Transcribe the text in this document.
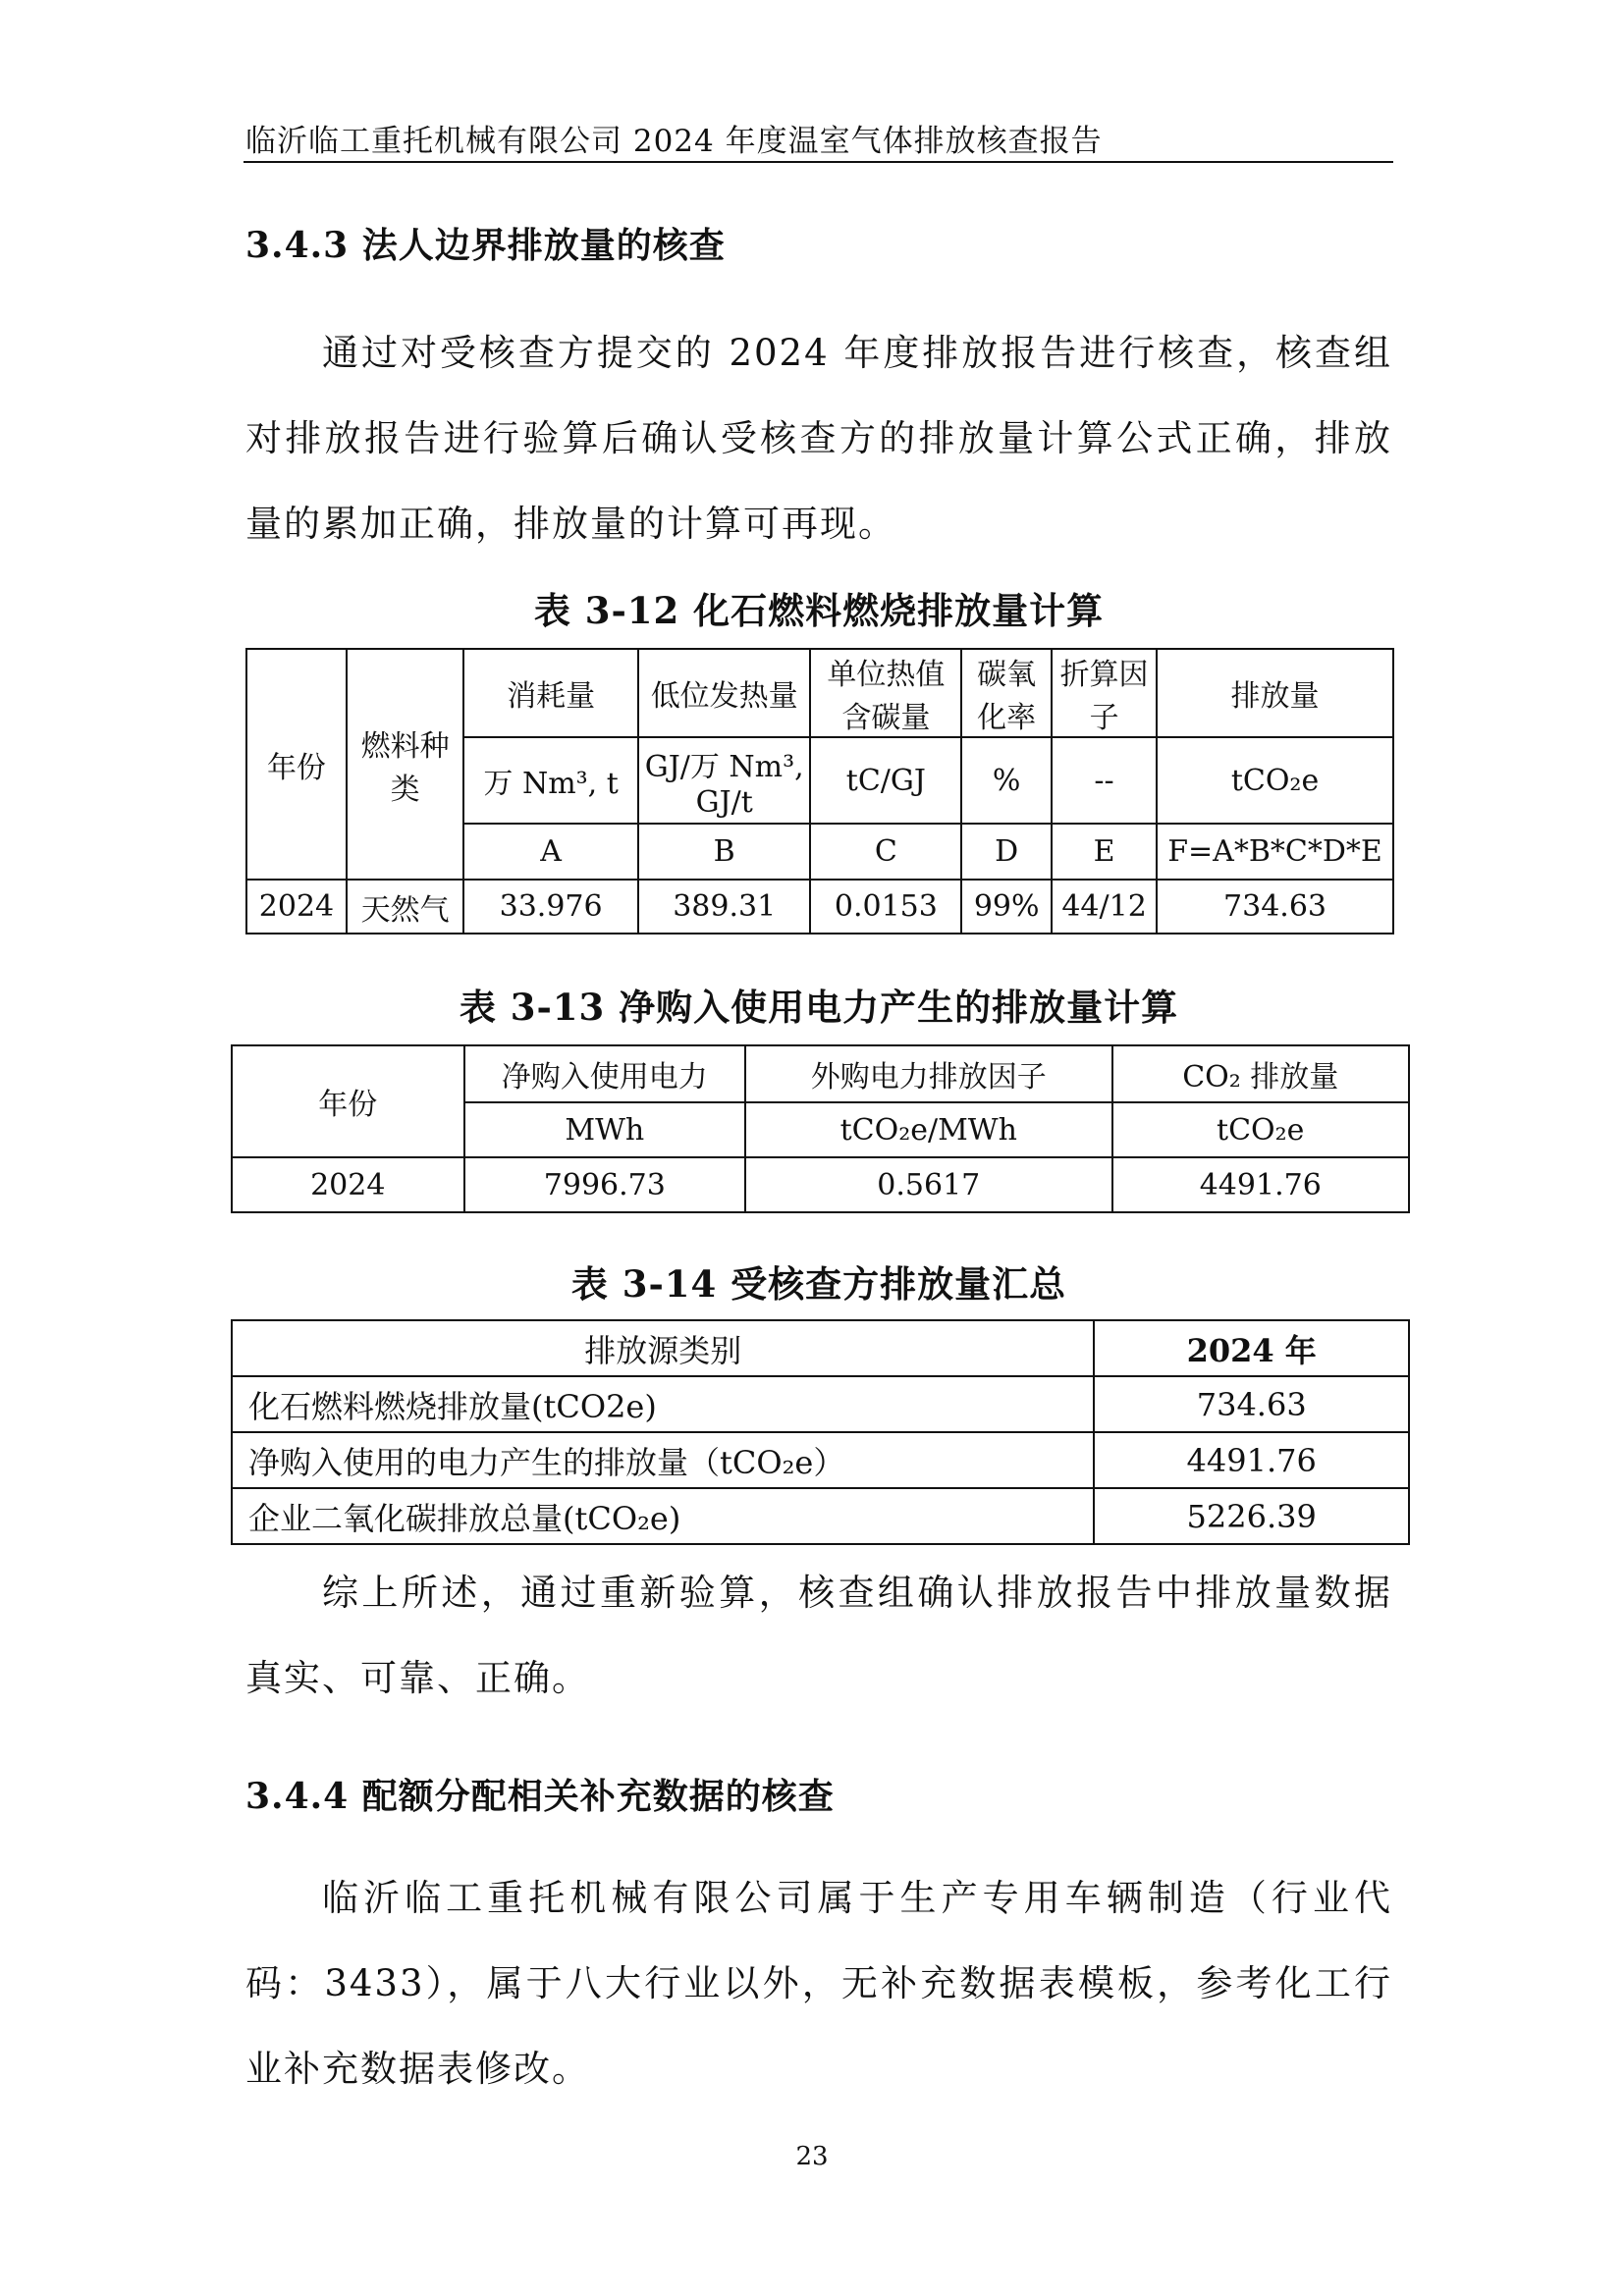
临沂临工重托机械有限公司 2024 年度温室气体排放核查报告
3.4.3 法人边界排放量的核查

通过对受核查方提交的 2024 年度排放报告进行核查，核查组对排放报告进行验算后确认受核查方的排放量计算公式正确，排放量的累加正确，排放量的计算可再现。

表 3-12 化石燃料燃烧排放量计算
年份	燃料种类	消耗量	低位发热量	单位热值含碳量	碳氧化率	折算因子	排放量
		万 Nm³, t	GJ/万 Nm³, GJ/t	tC/GJ	%	--	tCO₂e
		A	B	C	D	E	F=A*B*C*D*E
2024	天然气	33.976	389.31	0.0153	99%	44/12	734.63
表 3-13 净购入使用电力产生的排放量计算
年份	净购入使用电力	外购电力排放因子	CO₂ 排放量
	MWh	tCO₂e/MWh	tCO₂e
2024	7996.73	0.5617	4491.76
表 3-14 受核查方排放量汇总
排放源类别	2024 年
化石燃料燃烧排放量(tCO2e)	734.63
净购入使用的电力产生的排放量（tCO₂e）	4491.76
企业二氧化碳排放总量(tCO₂e)	5226.39

综上所述，通过重新验算，核查组确认排放报告中排放量数据真实、可靠、正确。

3.4.4 配额分配相关补充数据的核查

临沂临工重托机械有限公司属于生产专用车辆制造（行业代码：3433），属于八大行业以外，无补充数据表模板，参考化工行业补充数据表修改。

23
